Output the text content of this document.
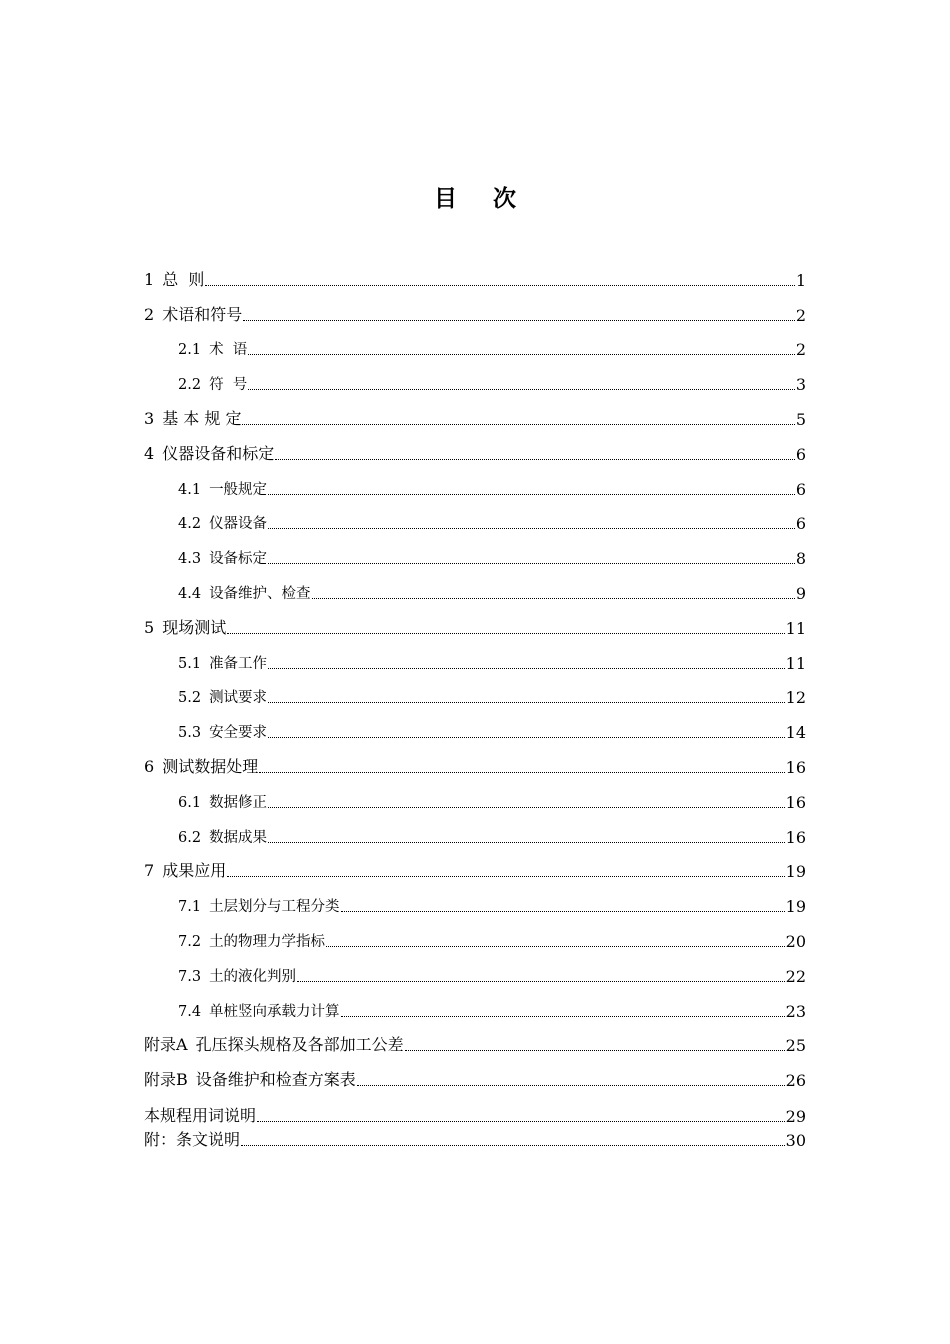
目 次
1 总  则	1
2 术语和符号	2
2.1 术  语	2
2.2 符  号	3
3 基 本 规 定	5
4 仪器设备和标定	6
4.1 一般规定	6
4.2 仪器设备	6
4.3 设备标定	8
4.4 设备维护、检查	9
5 现场测试	11
5.1 准备工作	11
5.2 测试要求	12
5.3 安全要求	14
6 测试数据处理	16
6.1 数据修正	16
6.2 数据成果	16
7 成果应用	19
7.1 土层划分与工程分类	19
7.2 土的物理力学指标	20
7.3 土的液化判别	22
7.4 单桩竖向承载力计算	23
附录A 孔压探头规格及各部加工公差	25
附录B 设备维护和检查方案表	26
本规程用词说明	29
附：条文说明	30
